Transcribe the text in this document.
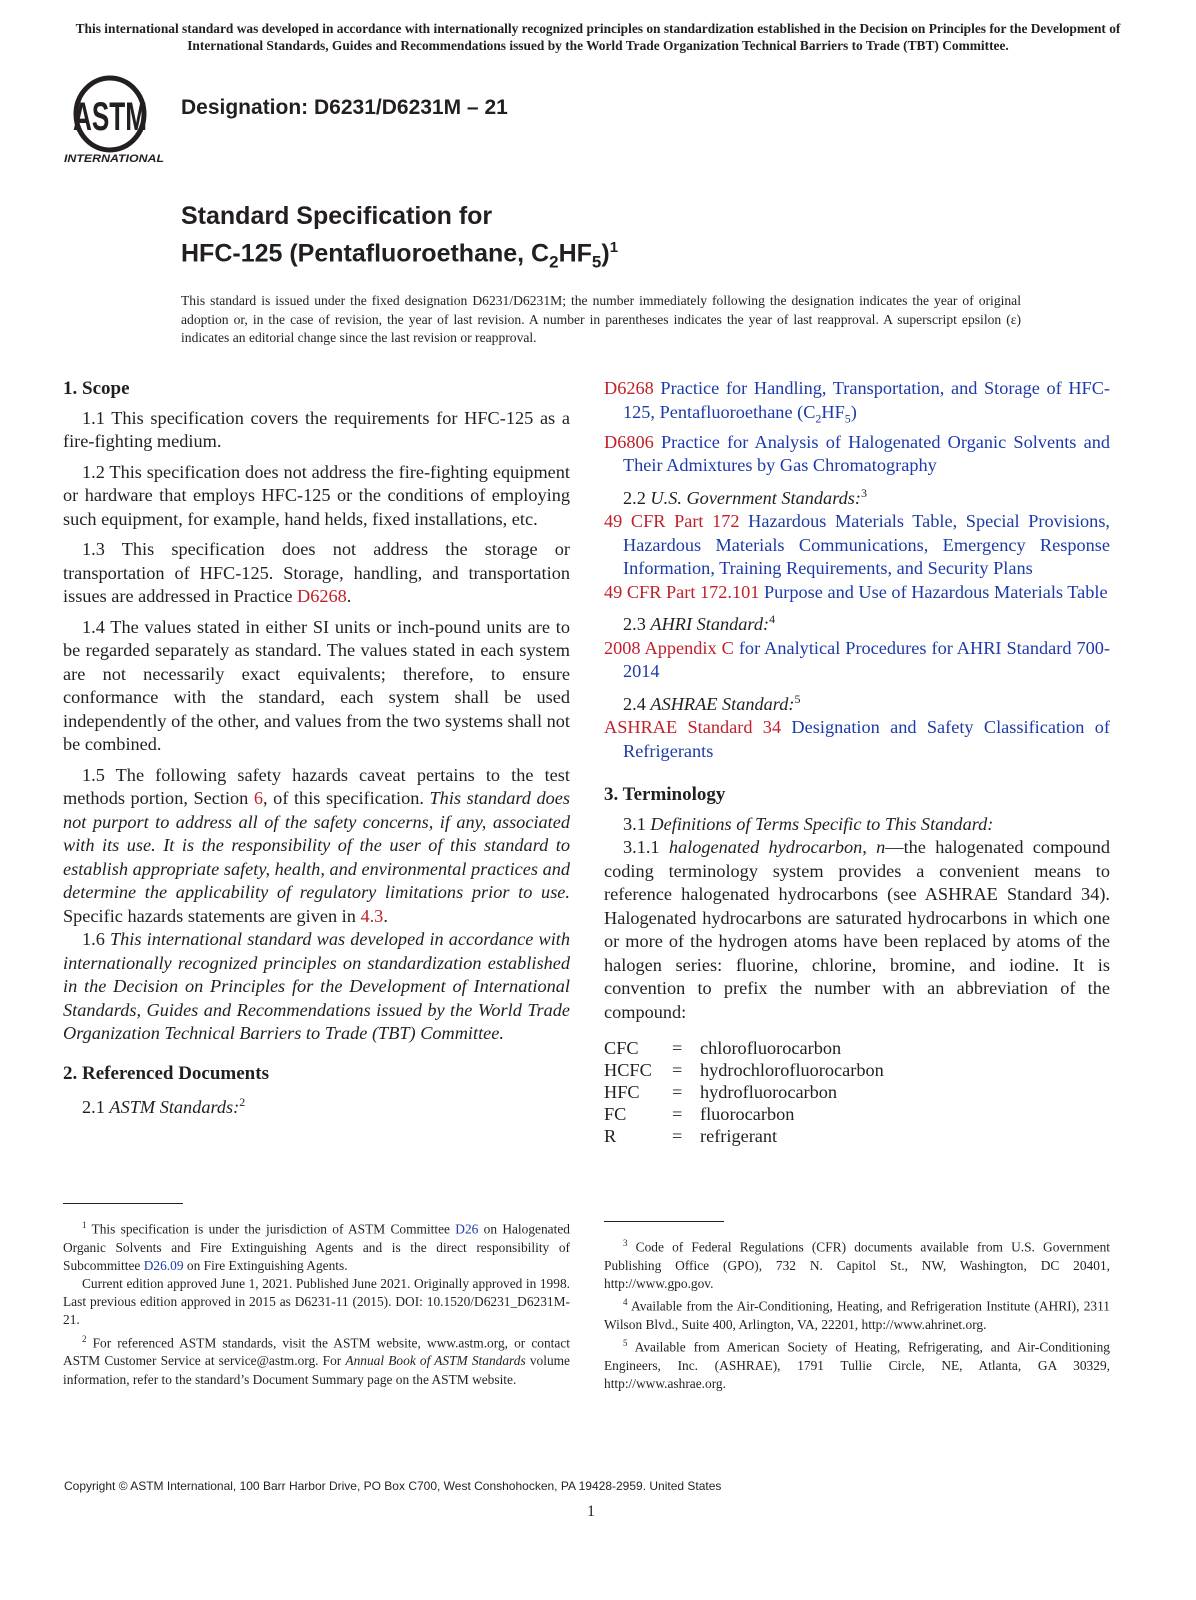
This international standard was developed in accordance with internationally recognized principles on standardization established in the Decision on Principles for the Development of International Standards, Guides and Recommendations issued by the World Trade Organization Technical Barriers to Trade (TBT) Committee.
ASTM
INTERNATIONAL
Designation: D6231/D6231M – 21
Standard Specification for
HFC-125 (Pentafluoroethane, $C_2HF_5)^1$
This standard is issued under the fixed designation D6231/D6231M; the number immediately following the designation indicates the year of original adoption or, in the case of revision, the year of last revision. A number in parentheses indicates the year of last reapproval. A superscript epsilon (ε) indicates an editorial change since the last revision or reapproval.

1. Scope

1.1 This specification covers the requirements for HFC-125 as a fire-fighting medium.

1.2 This specification does not address the fire-fighting equipment or hardware that employs HFC-125 or the conditions of employing such equipment, for example, hand helds, fixed installations, etc.

1.3 This specification does not address the storage or transportation of HFC-125. Storage, handling, and transportation issues are addressed in Practice D6268.

1.4 The values stated in either SI units or inch-pound units are to be regarded separately as standard. The values stated in each system are not necessarily exact equivalents; therefore, to ensure conformance with the standard, each system shall be used independently of the other, and values from the two systems shall not be combined.

1.5 The following safety hazards caveat pertains to the test methods portion, Section 6, of this specification. This standard does not purport to address all of the safety concerns, if any, associated with its use. It is the responsibility of the user of this standard to establish appropriate safety, health, and environmental practices and determine the applicability of regulatory limitations prior to use. Specific hazards statements are given in 4.3.

1.6 This international standard was developed in accordance with internationally recognized principles on standardization established in the Decision on Principles for the Development of International Standards, Guides and Recommendations issued by the World Trade Organization Technical Barriers to Trade (TBT) Committee.

2. Referenced Documents

2.1 ASTM Standards:$^2$

D6268 Practice for Handling, Transportation, and Storage of HFC-125, Pentafluoroethane $(C_2HF_5)$

D6806 Practice for Analysis of Halogenated Organic Solvents and Their Admixtures by Gas Chromatography

2.2 U.S. Government Standards:$^3$

49 CFR Part 172 Hazardous Materials Table, Special Provisions, Hazardous Materials Communications, Emergency Response Information, Training Requirements, and Security Plans

49 CFR Part 172.101 Purpose and Use of Hazardous Materials Table

2.3 AHRI Standard:$^4$

2008 Appendix C for Analytical Procedures for AHRI Standard 700-2014

2.4 ASHRAE Standard:$^5$

ASHRAE Standard 34 Designation and Safety Classification of Refrigerants

3. Terminology

3.1 Definitions of Terms Specific to This Standard:

3.1.1 halogenated hydrocarbon, n—the halogenated compound coding terminology system provides a convenient means to reference halogenated hydrocarbons (see ASHRAE Standard 34). Halogenated hydrocarbons are saturated hydrocarbons in which one or more of the hydrogen atoms have been replaced by atoms of the halogen series: fluorine, chlorine, bromine, and iodine. It is convention to prefix the number with an abbreviation of the compound:

CFC	=	chlorofluorocarbon
HCFC	=	hydrochlorofluorocarbon
HFC	=	hydrofluorocarbon
FC	=	fluorocarbon
R	=	refrigerant

$^1$ This specification is under the jurisdiction of ASTM Committee D26 on Halogenated Organic Solvents and Fire Extinguishing Agents and is the direct responsibility of Subcommittee D26.09 on Fire Extinguishing Agents.

Current edition approved June 1, 2021. Published June 2021. Originally approved in 1998. Last previous edition approved in 2015 as D6231-11 (2015). DOI: 10.1520/D6231_D6231M-21.

$^2$ For referenced ASTM standards, visit the ASTM website, www.astm.org, or contact ASTM Customer Service at service@astm.org. For Annual Book of ASTM Standards volume information, refer to the standard’s Document Summary page on the ASTM website.

$^3$ Code of Federal Regulations (CFR) documents available from U.S. Government Publishing Office (GPO), 732 N. Capitol St., NW, Washington, DC 20401, http://www.gpo.gov.

$^4$ Available from the Air-Conditioning, Heating, and Refrigeration Institute (AHRI), 2311 Wilson Blvd., Suite 400, Arlington, VA, 22201, http://www.ahrinet.org.

$^5$ Available from American Society of Heating, Refrigerating, and Air-Conditioning Engineers, Inc. (ASHRAE), 1791 Tullie Circle, NE, Atlanta, GA 30329, http://www.ashrae.org.

Copyright © ASTM International, 100 Barr Harbor Drive, PO Box C700, West Conshohocken, PA 19428-2959. United States
1
